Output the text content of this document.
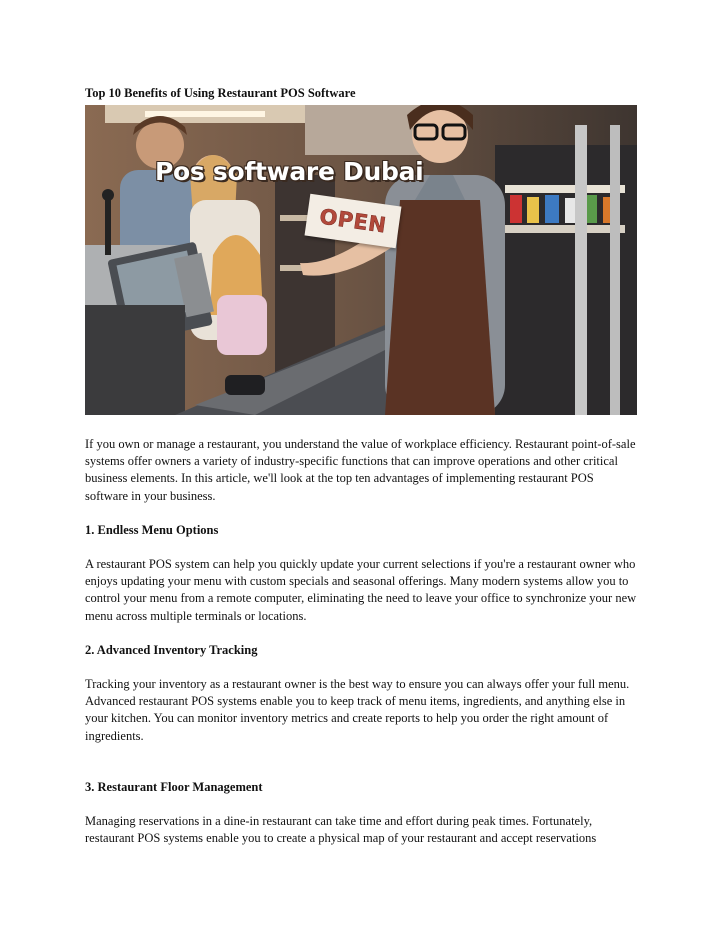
Top 10 Benefits of Using Restaurant POS Software
Pos software Dubai
OPEN

If you own or manage a restaurant, you understand the value of workplace efficiency. Restaurant point-of-sale systems offer owners a variety of industry-specific functions that can improve operations and other critical business elements. In this article, we'll look at the top ten advantages of implementing restaurant POS software in your business.

1. Endless Menu Options

A restaurant POS system can help you quickly update your current selections if you're a restaurant owner who enjoys updating your menu with custom specials and seasonal offerings. Many modern systems allow you to control your menu from a remote computer, eliminating the need to leave your office to synchronize your new menu across multiple terminals or locations.

2. Advanced Inventory Tracking

Tracking your inventory as a restaurant owner is the best way to ensure you can always offer your full menu. Advanced restaurant POS systems enable you to keep track of menu items, ingredients, and anything else in your kitchen. You can monitor inventory metrics and create reports to help you order the right amount of ingredients.

3. Restaurant Floor Management

Managing reservations in a dine-in restaurant can take time and effort during peak times. Fortunately, restaurant POS systems enable you to create a physical map of your restaurant and accept reservations
